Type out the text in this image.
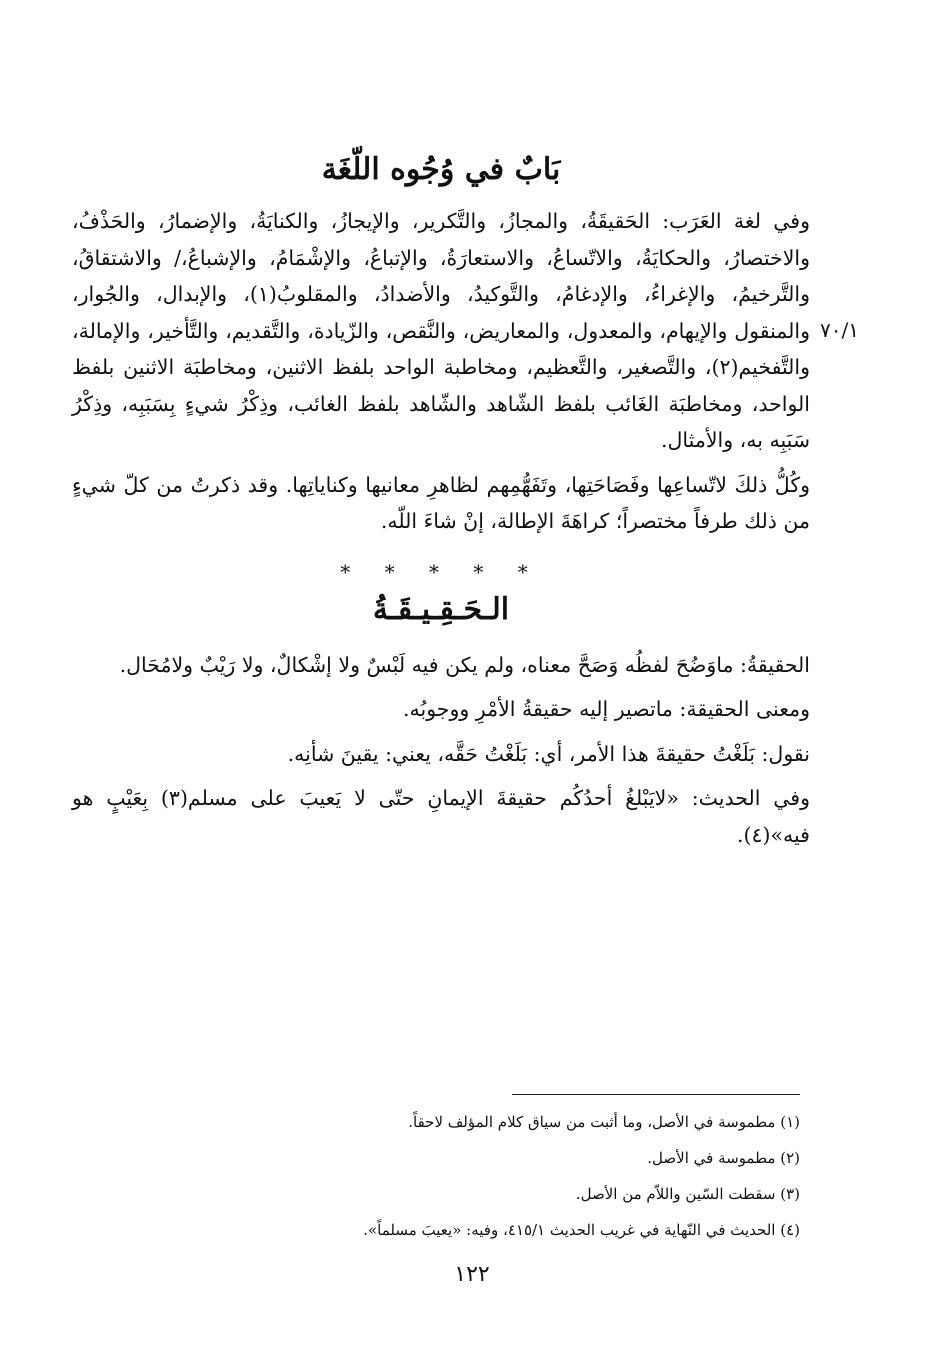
٧٠/١
بَابٌ في وُجُوه اللّغَة

وفي لغة العَرَب: الحَقيقَةُ، والمجازُ، والتَّكرير، والإيجازُ، والكنايَةُ، والإضمارُ، والحَذْفُ، والاختصارُ، والحكايَةُ، والاتّساعُ، والاستعارَةُ، والإتباعُ، والإشْمَامُ، والإشباعُ،/ والاشتقاقُ، والتَّرخيمُ، والإغراءُ، والإدغامُ، والتَّوكيدُ، والأضدادُ، والمقلوبُ(١)، والإبدال، والجُوار، والمنقول والإيهام، والمعدول، والمعاريض، والنَّقص، والزّيادة، والتَّقديم، والتَّأخير، والإمالة، والتَّفخيم(٢)، والتَّصغير، والتَّعظيم، ومخاطبة الواحد بلفظ الاثنين، ومخاطبَة الاثنين بلفظ الواحد، ومخاطبَة الغَائب بلفظ الشّاهد والشّاهد بلفظ الغائب، وذِكْرُ شيءٍ بِسَبَبِه، وذِكْرُ سَبَبِه به، والأمثال.

وكُلُّ ذلكَ لاتّساعِها وفَصَاحَتِها، وتَفَهُّمِهم لظاهرِ معانيها وكناياتِها. وقد ذكرتُ من كلّ شيءٍ من ذلك طرفاً مختصراً؛ كراهَةَ الإطالة، إنْ شاءَ اللّه.

* * * * *
الـحَـقِـيـقَـةُ

الحقيقةُ: ماوَضُحَ لفظُه وَصَحَّ معناه، ولم يكن فيه لَبْسٌ ولا إشْكالٌ، ولا رَيْبٌ ولامُحَال.

ومعنى الحقيقة: ماتصير إليه حقيقةُ الأمْرِ ووجوبُه.

نقول: بَلَغْتُ حقيقةَ هذا الأمر، أي: بَلَغْتُ حَقَّه، يعني: يقينَ شأنِه.

وفي الحديث: «لايَبْلغُ أحدُكُم حقيقةَ الإيمانِ حتّى لا يَعيبَ على مسلم(٣) بِعَيْبٍ هو فيه»(٤).

(١) مطموسة في الأصل، وما أثبت من سياق كلام المؤلف لاحقاً.

(٢) مطموسة في الأصل.

(٣) سقطت السّين واللاّم من الأصل.

(٤) الحديث في النّهاية في غريب الحديث ٤١٥/١، وفيه: «يعيبَ مسلماً».

١٢٢
